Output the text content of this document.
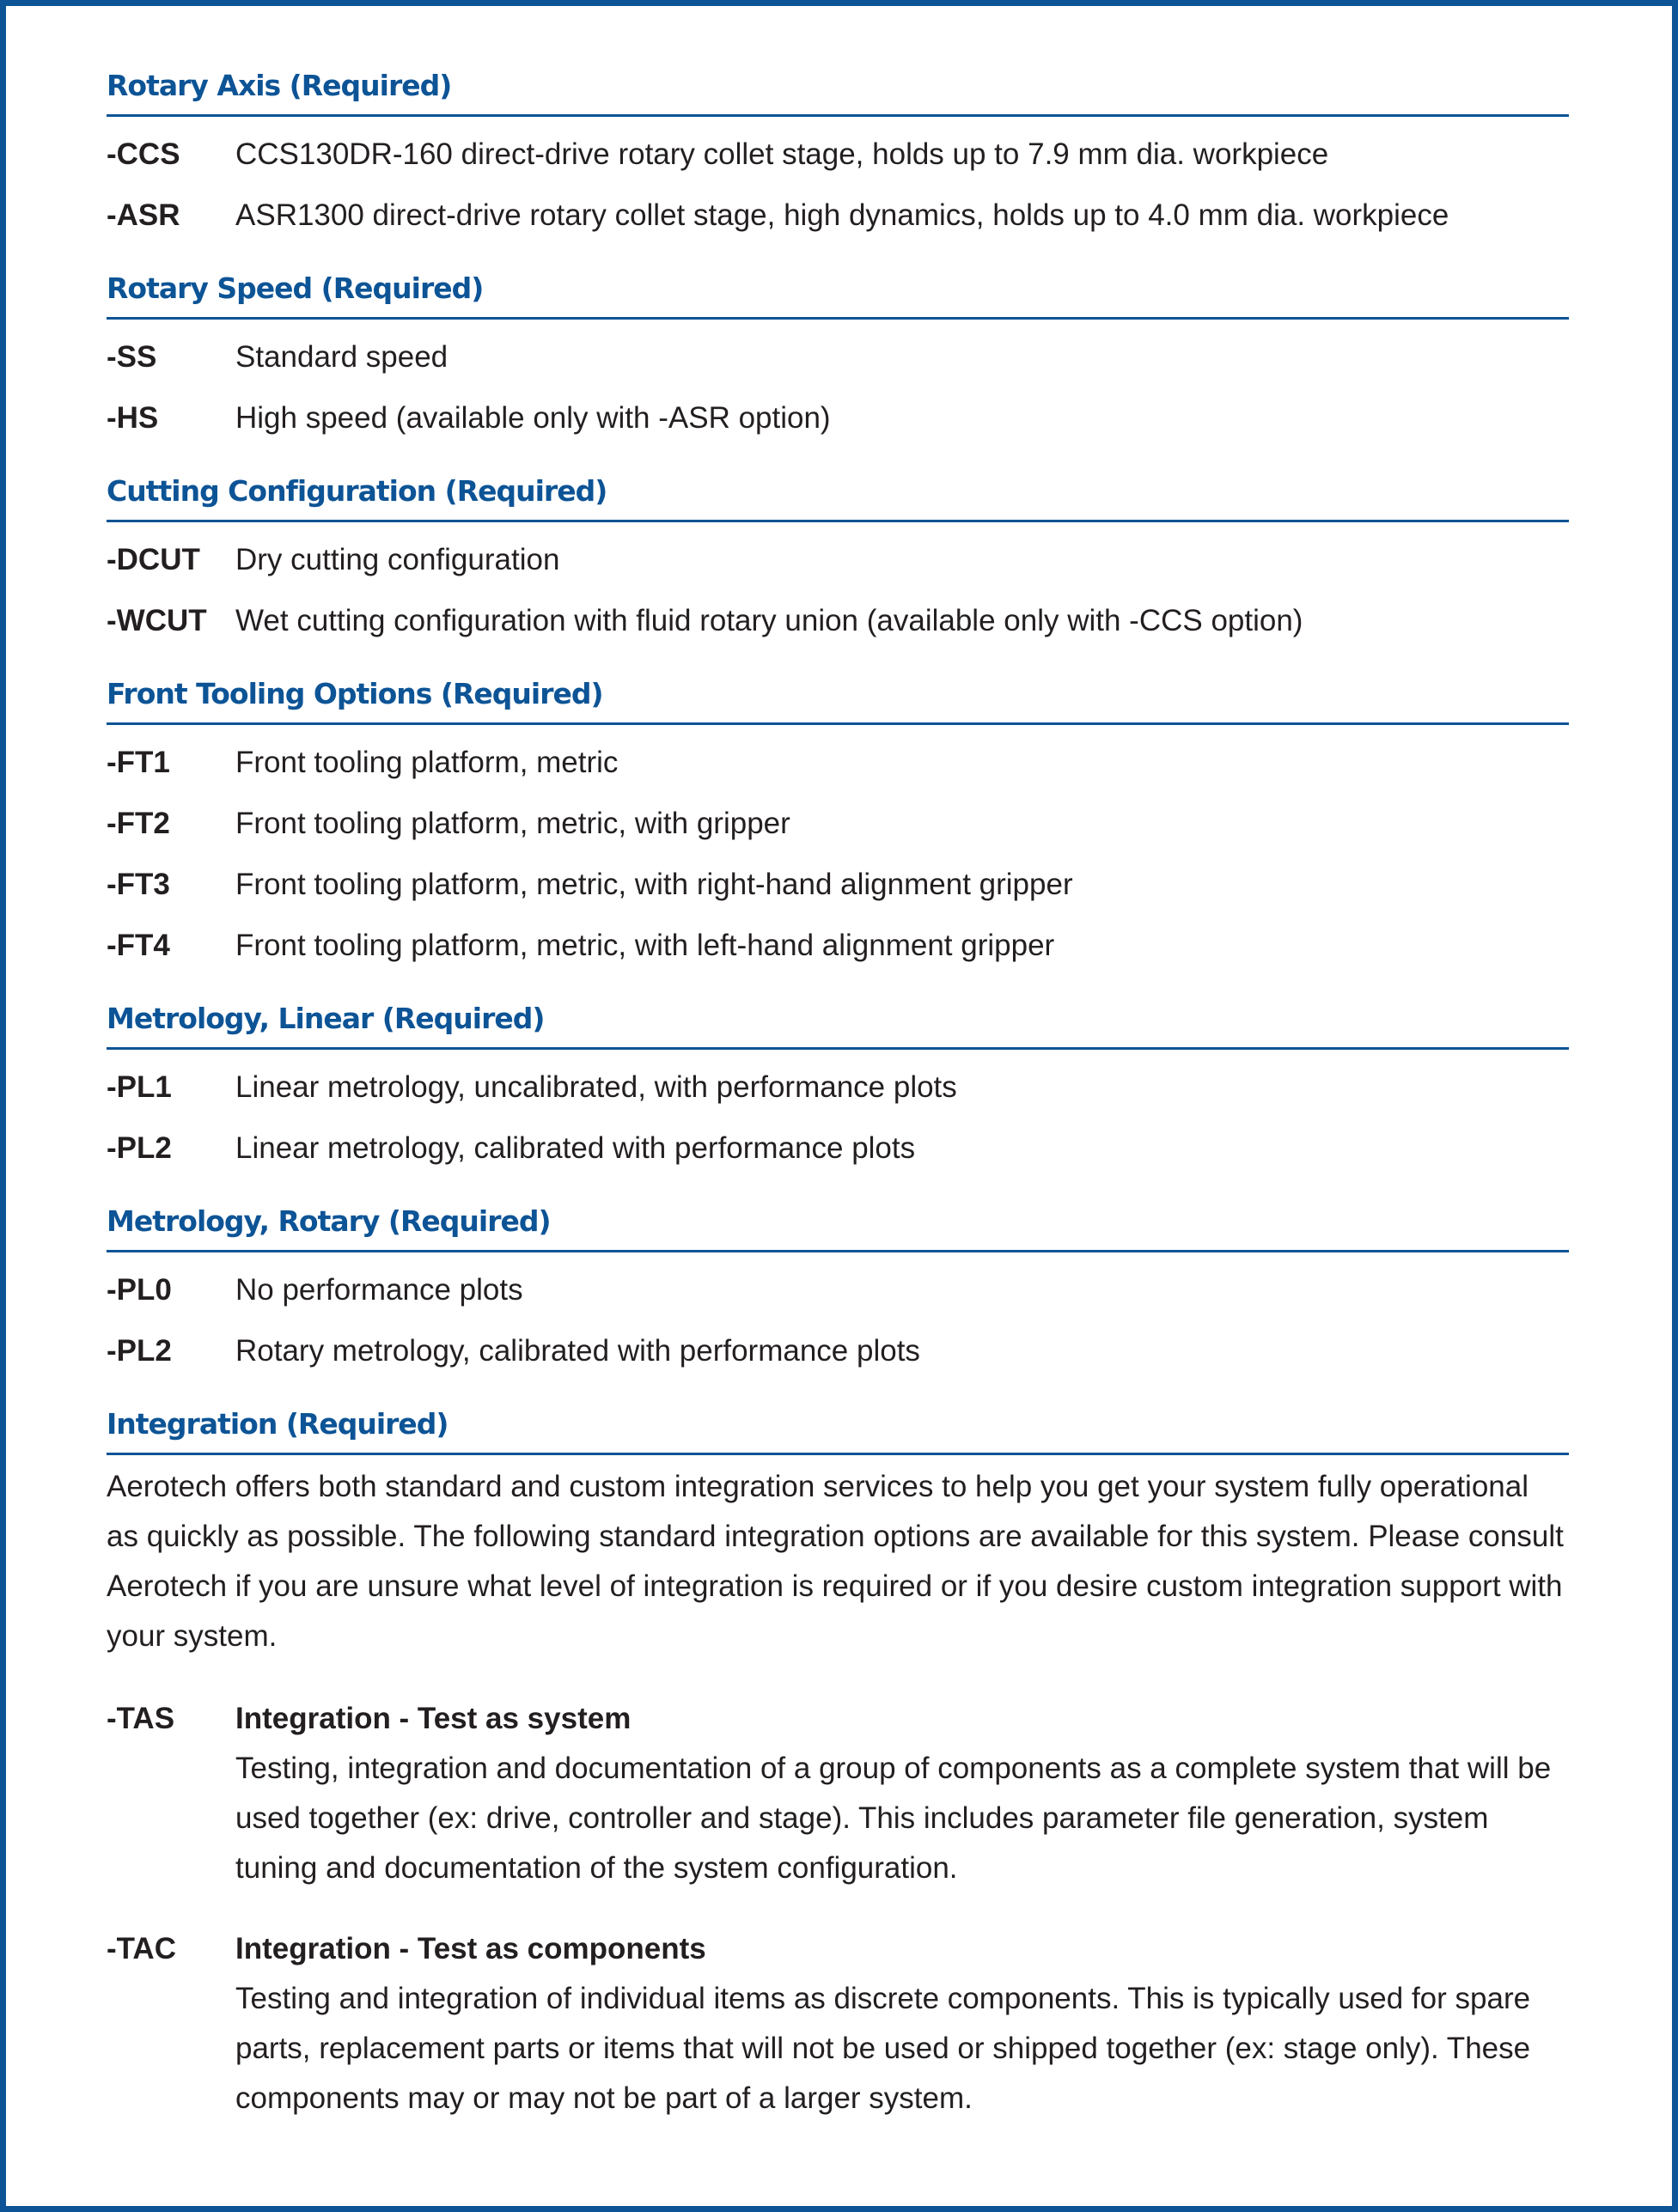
Rotary Axis (Required)
-CCS	CCS130DR-160 direct-drive rotary collet stage, holds up to 7.9 mm dia. workpiece
-ASR	ASR1300 direct-drive rotary collet stage, high dynamics, holds up to 4.0 mm dia. workpiece
Rotary Speed (Required)
-SS	Standard speed
-HS	High speed (available only with -ASR option)
Cutting Configuration (Required)
-DCUT	Dry cutting configuration
-WCUT Wet cutting configuration with fluid rotary union (available only with -CCS option)
Front Tooling Options (Required)
-FT1	Front tooling platform, metric
-FT2	Front tooling platform, metric, with gripper
-FT3	Front tooling platform, metric, with right-hand alignment gripper
-FT4	Front tooling platform, metric, with left-hand alignment gripper
Metrology, Linear (Required)
-PL1	Linear metrology, uncalibrated, with performance plots
-PL2	Linear metrology, calibrated with performance plots
Metrology, Rotary (Required)
-PL0	No performance plots
-PL2	Rotary metrology, calibrated with performance plots
Integration (Required)

Aerotech offers both standard and custom integration services to help you get your system fully operational as quickly as possible. The following standard integration options are available for this system. Please consult Aerotech if you are unsure what level of integration is required or if you desire custom integration support with your system.

-TAS	Integration - Test as system
Testing, integration and documentation of a group of components as a complete system that will be used together (ex: drive, controller and stage). This includes parameter file generation, system tuning and documentation of the system configuration.
-TAC	Integration - Test as components
Testing and integration of individual items as discrete components. This is typically used for spare parts, replacement parts or items that will not be used or shipped together (ex: stage only). These components may or may not be part of a larger system.
